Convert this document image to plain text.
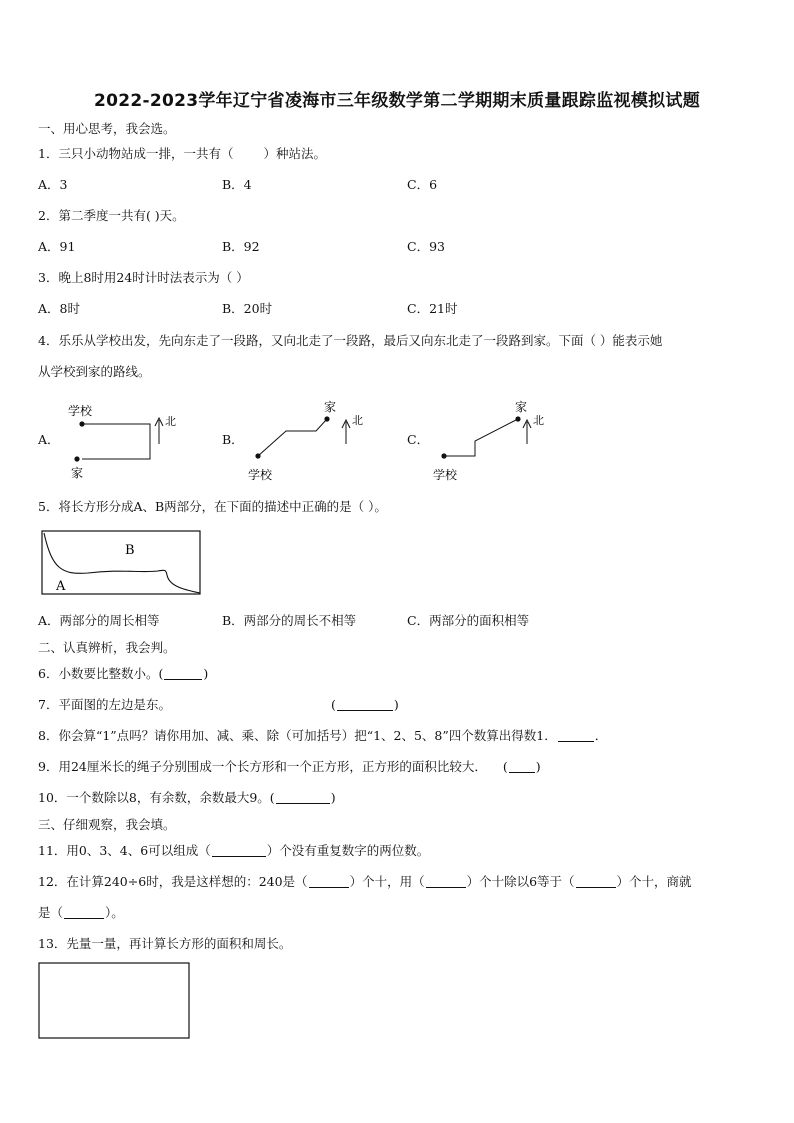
2022-2023学年辽宁省凌海市三年级数学第二学期期末质量跟踪监视模拟试题
一、用心思考，我会选。
1．三只小动物站成一排，一共有（ ）种站法。
A．3	B．4	C．6
2．第二季度一共有( )天。
A．91	B．92	C．93
3．晚上8时用24时计时法表示为（ ）
A．8时	B．20时	C．21时
4．乐乐从学校出发，先向东走了一段路，又向北走了一段路，最后又向东北走了一段路到家。下面（ ）能表示她
从学校到家的路线。
A．	B．	C．
学校
家
北
家
学校
北
家
学校
北
5．将长方形分成A、B两部分，在下面的描述中正确的是（ ）。
B
A
A．两部分的周长相等	B．两部分的周长不相等	C．两部分的面积相等
二、认真辨析，我会判。
6．小数要比整数小。(	)
7．平面图的左边是东。	(	)
8．你会算“1”点吗？请你用加、减、乘、除（可加括号）把“1、2、5、8”四个数算出得数1．	．
9．用24厘米长的绳子分别围成一个长方形和一个正方形，正方形的面积比较大． ( )
10．一个数除以8，有余数，余数最大9。(	)
三、仔细观察，我会填。
11．用0、3、4、6可以组成（	）个没有重复数字的两位数。
12．在计算240÷6时，我是这样想的：240是（	）个十，用（	）个十除以6等于（	）个十，商就
是（	）。
13．先量一量，再计算长方形的面积和周长。
